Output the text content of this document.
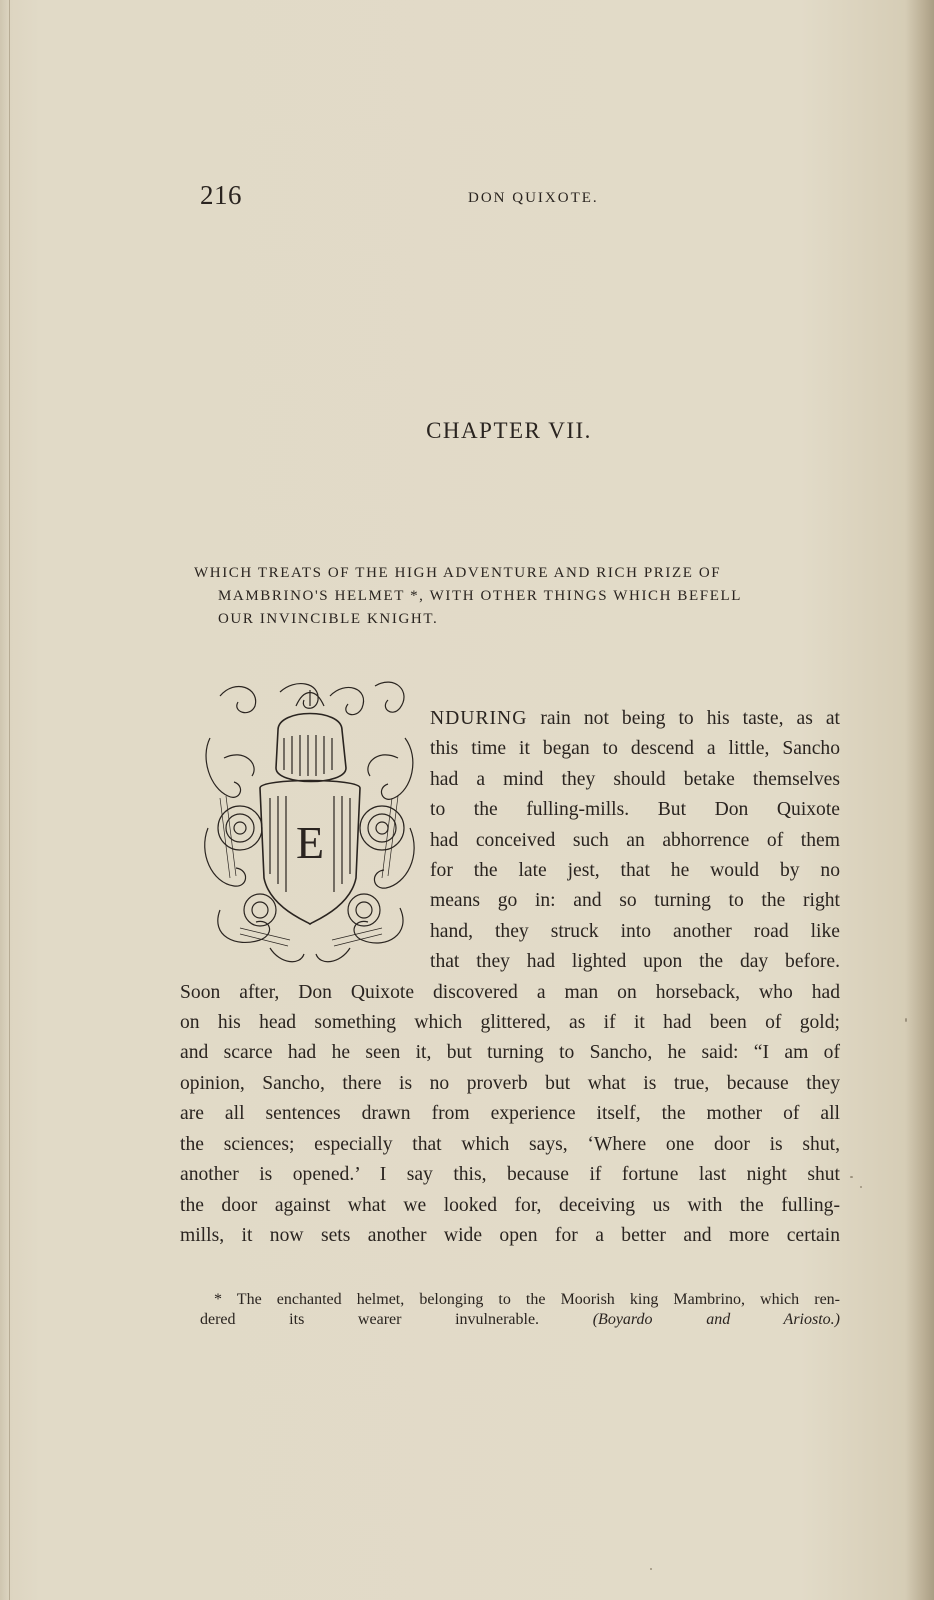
216	DON QUIXOTE.
CHAPTER VII.
WHICH TREATS OF THE HIGH ADVENTURE AND RICH PRIZE OF
MAMBRINO'S HELMET *, WITH OTHER THINGS WHICH BEFELL
OUR INVINCIBLE KNIGHT.
E
NDURING rain not being to his taste, as at
this time it began to descend a little, Sancho
had a mind they should betake themselves
to the fulling-mills. But Don Quixote
had conceived such an abhorrence of them
for the late jest, that he would by no
means go in: and so turning to the right
hand, they struck into another road like
that they had lighted upon the day before.
Soon after, Don Quixote discovered a man on horseback, who had
on his head something which glittered, as if it had been of gold;
and scarce had he seen it, but turning to Sancho, he said: “I am of
opinion, Sancho, there is no proverb but what is true, because they
are all sentences drawn from experience itself, the mother of all
the sciences; especially that which says, ‘Where one door is shut,
another is opened.’ I say this, because if fortune last night shut
the door against what we looked for, deceiving us with the fulling-
mills, it now sets another wide open for a better and more certain
* The enchanted helmet, belonging to the Moorish king Mambrino, which ren-
dered its wearer invulnerable.	(Boyardo and Ariosto.)
